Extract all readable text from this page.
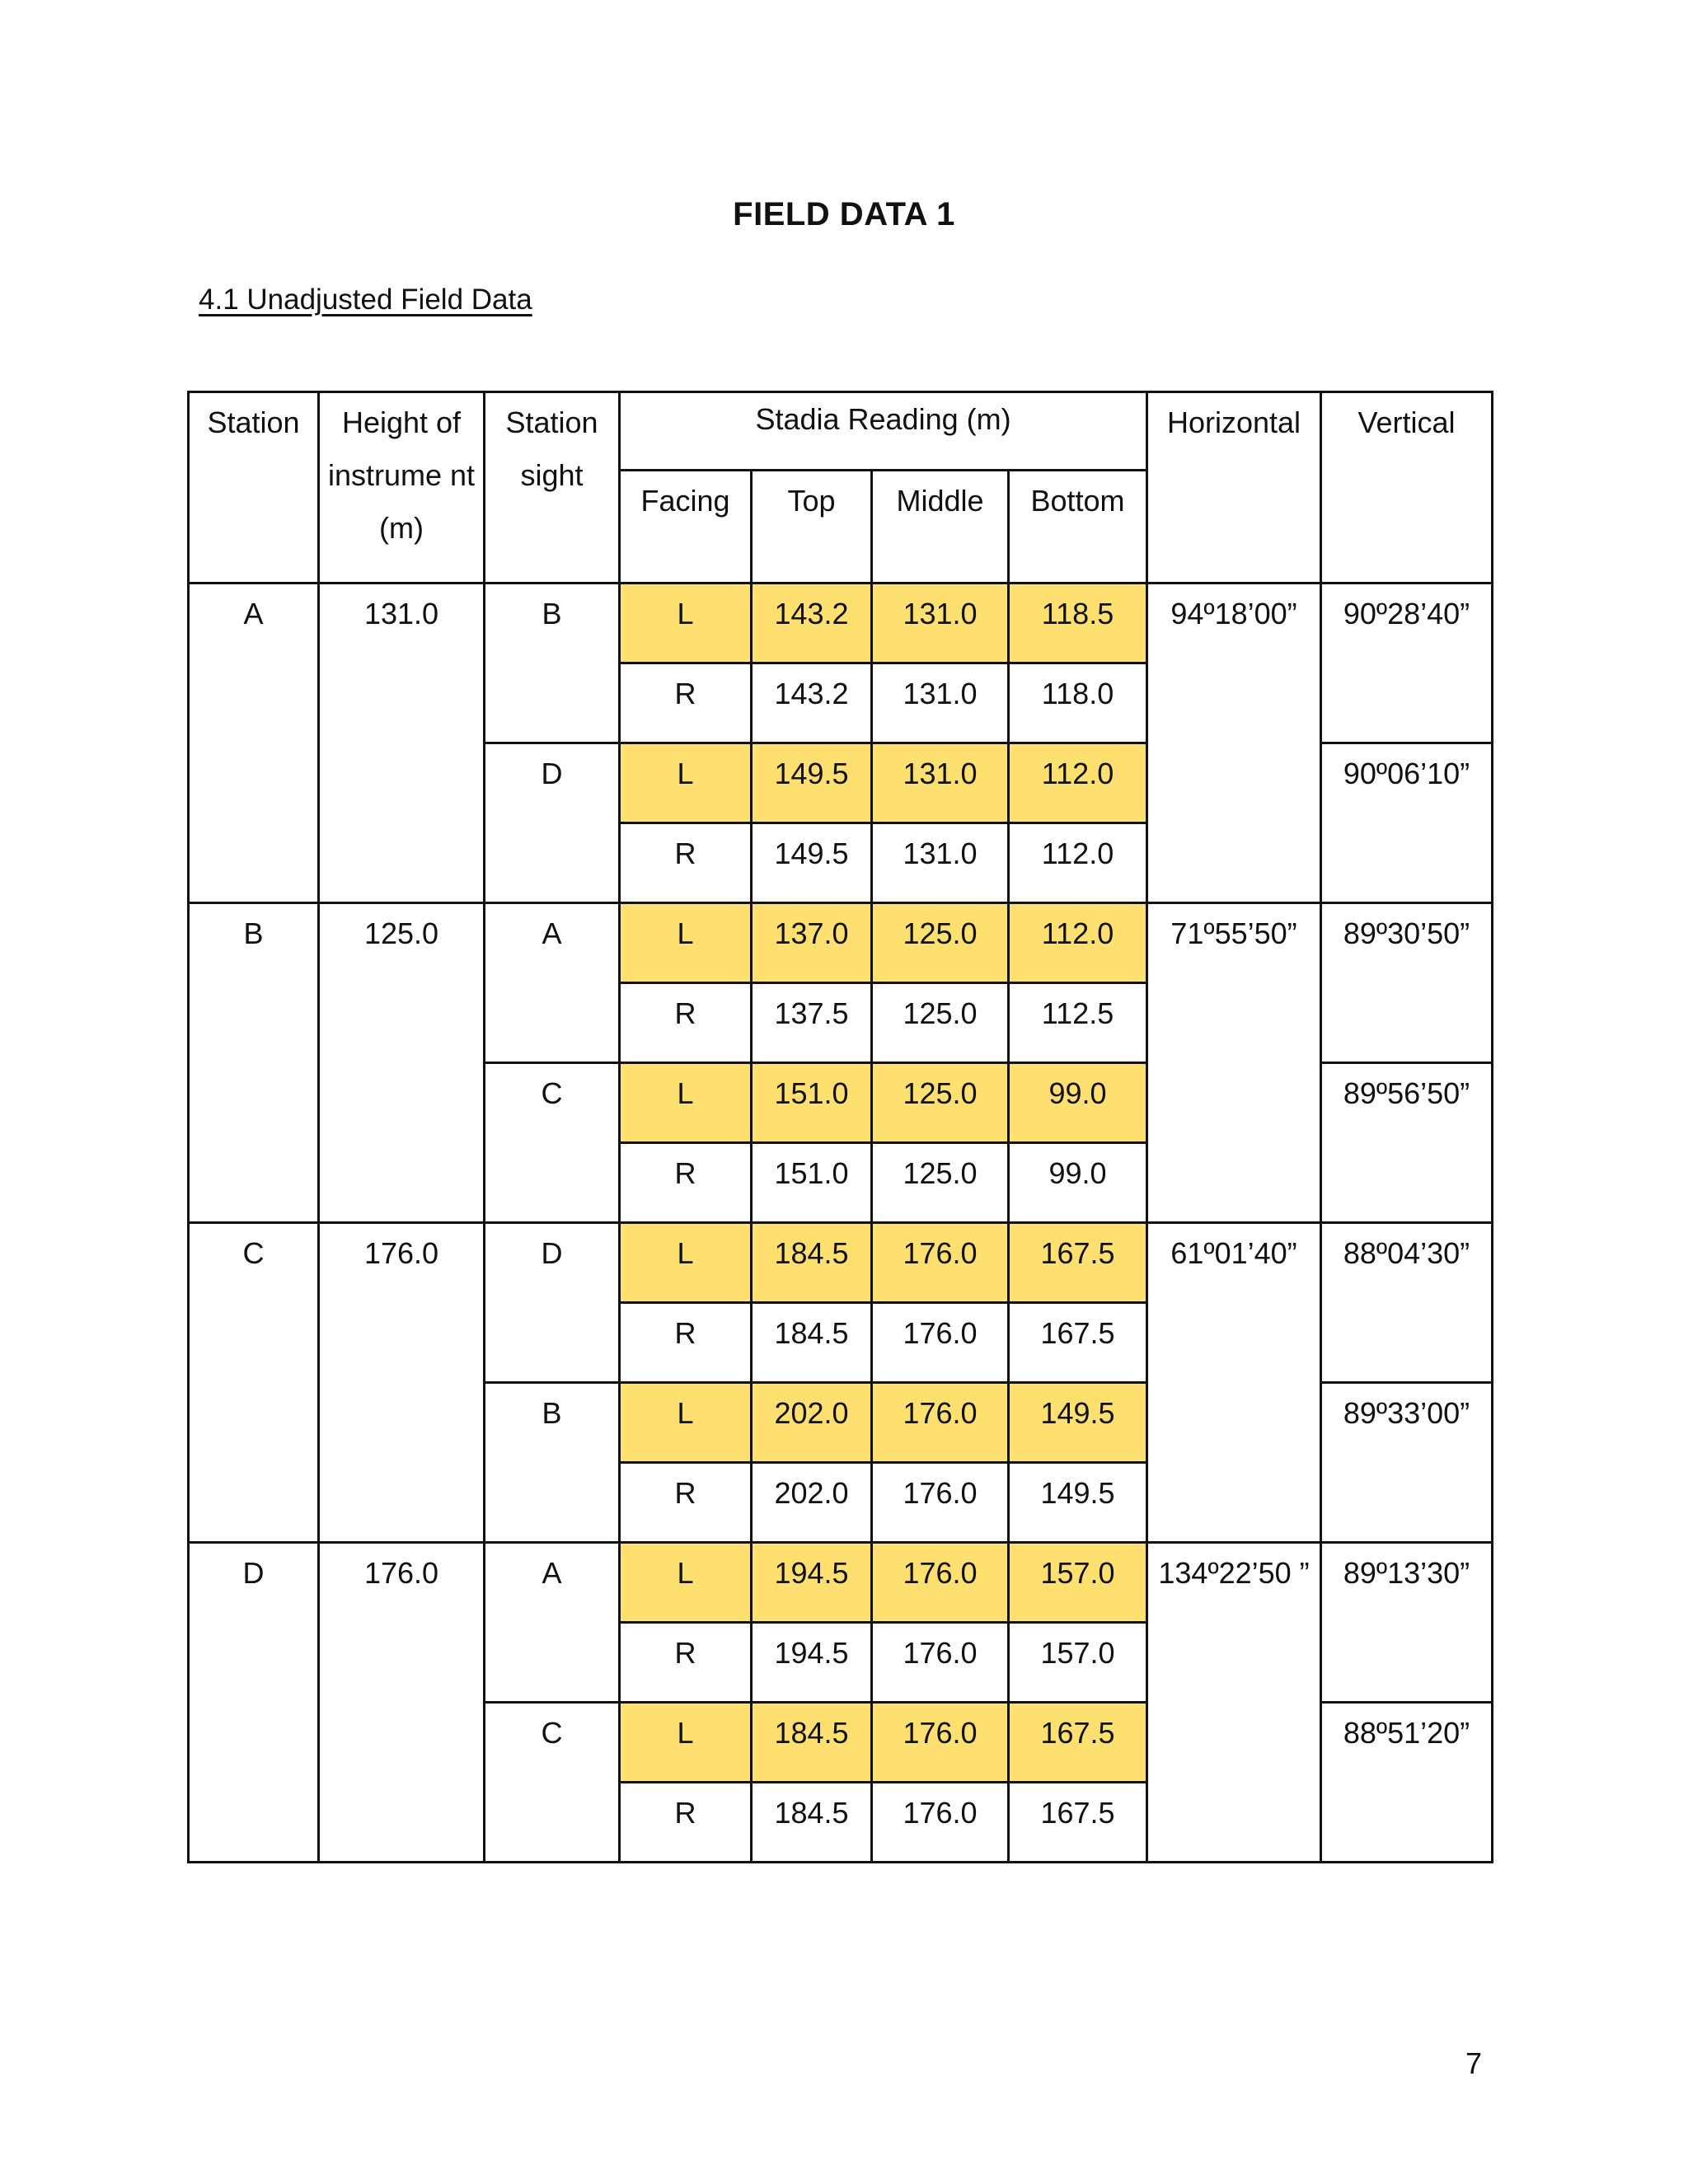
FIELD DATA 1
4.1 Unadjusted Field Data
Station	Height of instrume nt (m)	Station sight	Stadia Reading (m)				Horizontal	Vertical
			Facing	Top	Middle	Bottom		
A	131.0	B	L	143.2	131.0	118.5	94º18’00”	90º28’40”
			R	143.2	131.0	118.0		
		D	L	149.5	131.0	112.0		90º06’10”
			R	149.5	131.0	112.0		
B	125.0	A	L	137.0	125.0	112.0	71º55’50”	89º30’50”
			R	137.5	125.0	112.5		
		C	L	151.0	125.0	99.0		89º56’50”
			R	151.0	125.0	99.0		
C	176.0	D	L	184.5	176.0	167.5	61º01’40”	88º04’30”
			R	184.5	176.0	167.5		
		B	L	202.0	176.0	149.5		89º33’00”
			R	202.0	176.0	149.5		
D	176.0	A	L	194.5	176.0	157.0	134º22’50 ”	89º13’30”
			R	194.5	176.0	157.0		
		C	L	184.5	176.0	167.5		88º51’20”
			R	184.5	176.0	167.5		
7
